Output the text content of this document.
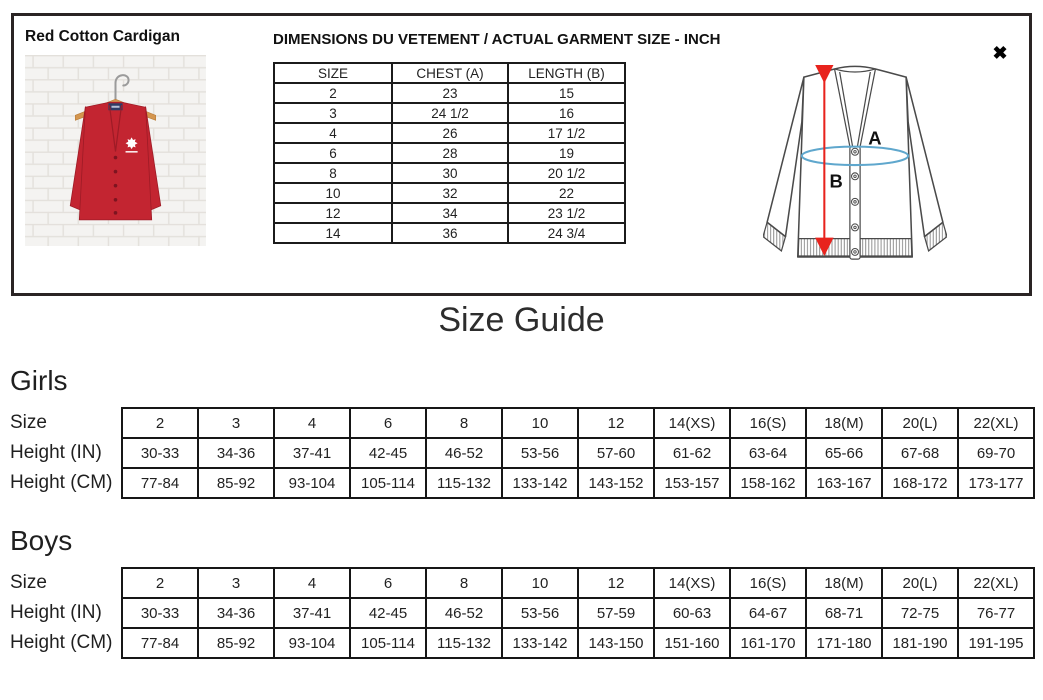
Red Cotton Cardigan	DIMENSIONS DU VETEMENT / ACTUAL GARMENT SIZE - INCH
SIZE	CHEST (A)	LENGTH (B)
2	23	15
3	24 1/2	16
4	26	17 1/2
6	28	19
8	30	20 1/2
10	32	22
12	34	23 1/2
14	36	24 3/4
A
B
✖
Size Guide
Girls
Size	2	3	4	6	8	10	12	14(XS)	16(S)	18(M)	20(L)	22(XL)
Height (IN)	30-33	34-36	37-41	42-45	46-52	53-56	57-60	61-62	63-64	65-66	67-68	69-70
Height (CM)	77-84	85-92	93-104	105-114	115-132	133-142	143-152	153-157	158-162	163-167	168-172	173-177
Boys
Size	2	3	4	6	8	10	12	14(XS)	16(S)	18(M)	20(L)	22(XL)
Height (IN)	30-33	34-36	37-41	42-45	46-52	53-56	57-59	60-63	64-67	68-71	72-75	76-77
Height (CM)	77-84	85-92	93-104	105-114	115-132	133-142	143-150	151-160	161-170	171-180	181-190	191-195
